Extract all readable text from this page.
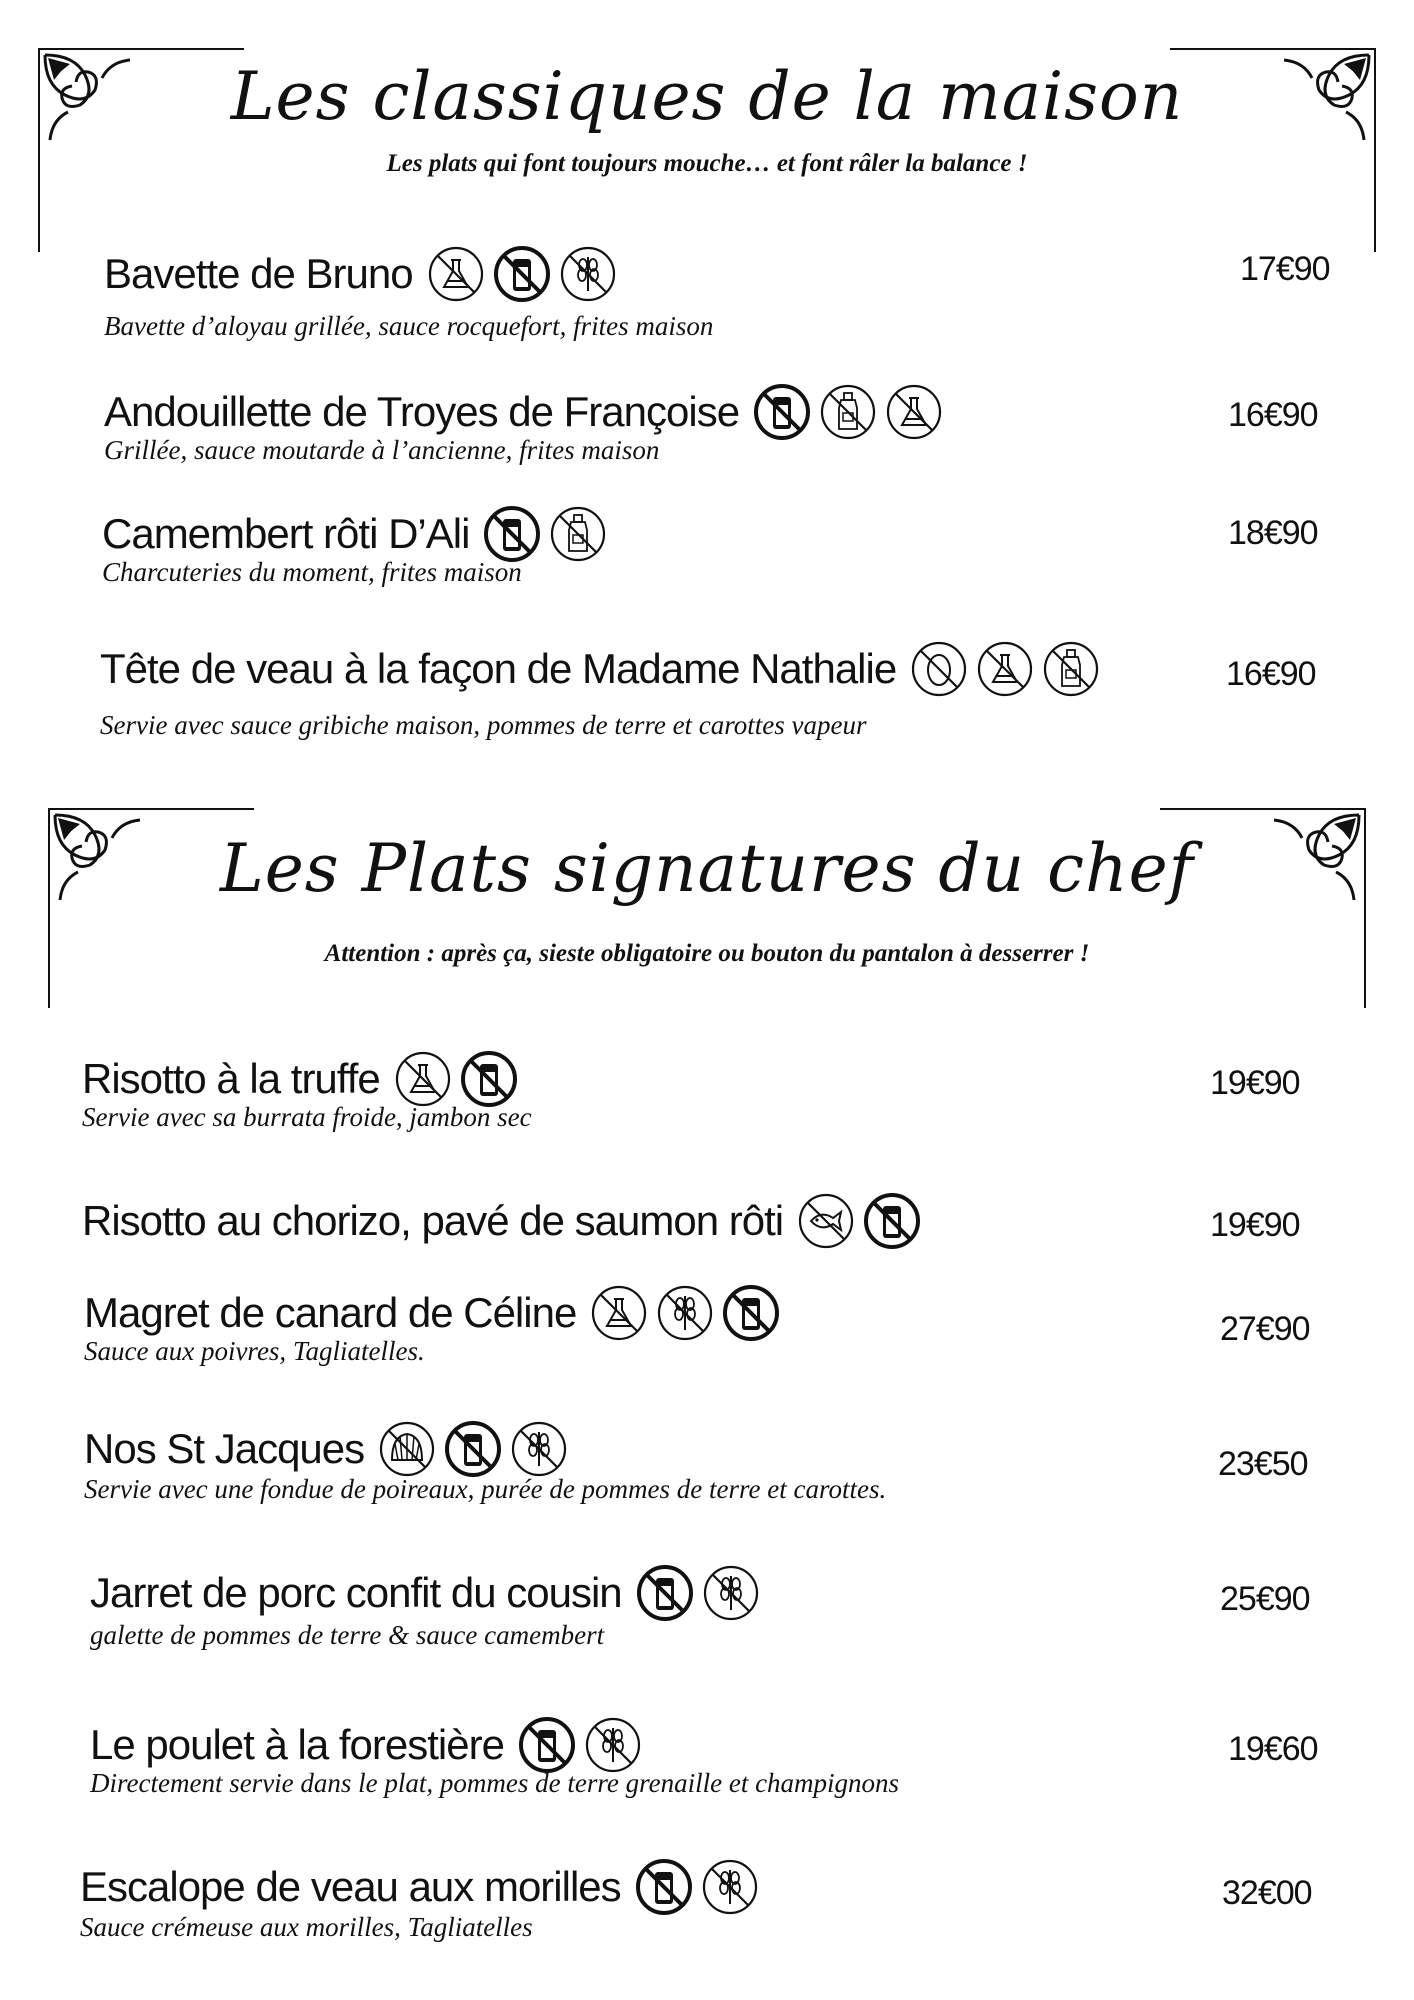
Les classiques de la maison

Les plats qui font toujours mouche… et font râler la balance !

Bavette de Bruno
Bavette d’aloyau grillée, sauce rocquefort, frites maison
17€90
Andouillette de Troyes de Françoise
Grillée, sauce moutarde à l’ancienne, frites maison
16€90
Camembert rôti D’Ali
Charcuteries du moment, frites maison
18€90
Tête de veau à la façon de Madame Nathalie
Servie avec sauce gribiche maison, pommes de terre et carottes vapeur
16€90
Les Plats signatures du chef

Attention : après ça, sieste obligatoire ou bouton du pantalon à desserrer !

Risotto à la truffe
Servie avec sa burrata froide, jambon sec
19€90
Risotto au chorizo, pavé de saumon rôti	19€90
Magret de canard de Céline
Sauce aux poivres, Tagliatelles.
27€90
Nos St Jacques
Servie avec une fondue de poireaux, purée de pommes de terre et carottes.
23€50
Jarret de porc confit du cousin
galette de pommes de terre & sauce camembert
25€90
Le poulet à la forestière
Directement servie dans le plat, pommes de terre grenaille et champignons
19€60
Escalope de veau aux morilles
Sauce crémeuse aux morilles, Tagliatelles
32€00
